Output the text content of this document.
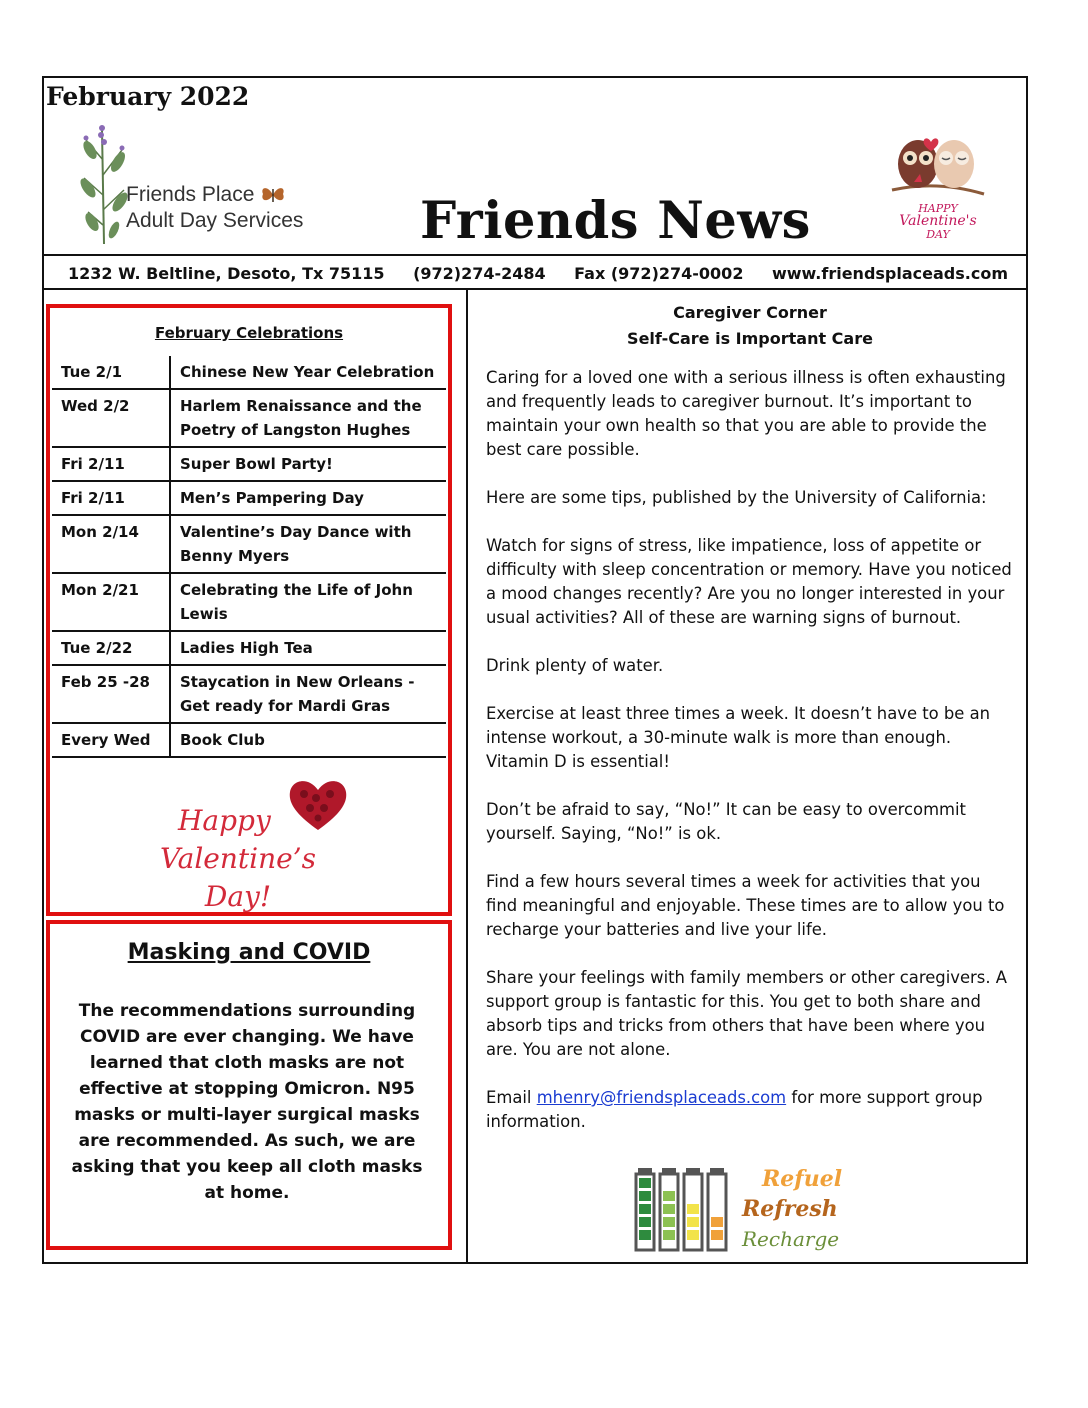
February 2022
Friends Place
Adult Day Services Friends News	HAPPY
Valentine's
DAY
1232 W. Beltline, Desoto, Tx 75115 (972)274-2484 Fax (972)274-0002 www.friendsplaceads.com
February Celebrations
Tue 2/1	Chinese New Year Celebration
Wed 2/2	Harlem Renaissance and the Poetry of Langston Hughes
Fri 2/11	Super Bowl Party!
Fri 2/11	Men’s Pampering Day
Mon 2/14	Valentine’s Day Dance with Benny Myers
Mon 2/21	Celebrating the Life of John Lewis
Tue 2/22	Ladies High Tea
Feb 25 -28	Staycation in New Orleans - Get ready for Mardi Gras
Every Wed	Book Club
Happy
Valentine’s Day!
Masking and COVID
The recommendations surrounding COVID are ever changing. We have learned that cloth masks are not effective at stopping Omicron. N95 masks or multi-layer surgical masks are recommended. As such, we are asking that you keep all cloth masks at home.
Caregiver Corner
Self-Care is Important Care

Caring for a loved one with a serious illness is often exhausting and frequently leads to caregiver burnout. It’s important to maintain your own health so that you are able to provide the best care possible.

Here are some tips, published by the University of California:

Watch for signs of stress, like impatience, loss of appetite or difficulty with sleep concentration or memory. Have you noticed a mood changes recently? Are you no longer interested in your usual activities? All of these are warning signs of burnout.

Drink plenty of water.

Exercise at least three times a week. It doesn’t have to be an intense workout, a 30-minute walk is more than enough. Vitamin D is essential!

Don’t be afraid to say, “No!” It can be easy to overcommit yourself. Saying, “No!” is ok.

Find a few hours several times a week for activities that you find meaningful and enjoyable. These times are to allow you to recharge your batteries and live your life.

Share your feelings with family members or other caregivers. A support group is fantastic for this. You get to both share and absorb tips and tricks from others that have been where you are. You are not alone.

Email mhenry@friendsplaceads.com for more support group information.

Refuel
Refresh
Recharge
